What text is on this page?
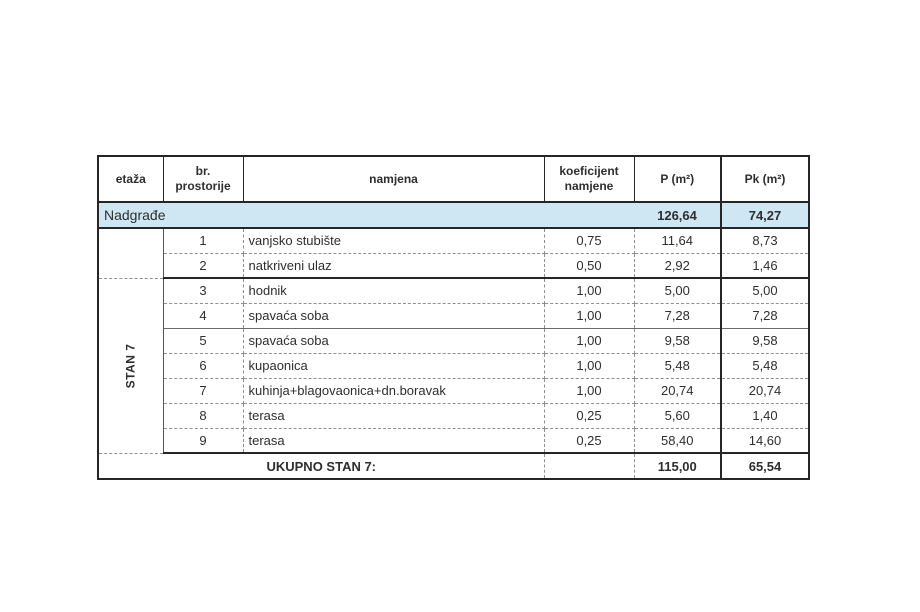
etaža	br. prostorije	namjena	koeficijent namjene	P (m²)	Pk (m²)
Nadgrađe				126,64	74,27
	1	vanjsko stubište	0,75	11,64	8,73
	2	natkriveni ulaz	0,50	2,92	1,46
STAN 7	3	hodnik	1,00	5,00	5,00
	4	spavaća soba	1,00	7,28	7,28
	5	spavaća soba	1,00	9,58	9,58
	6	kupaonica	1,00	5,48	5,48
	7	kuhinja+blagovaonica+dn.boravak	1,00	20,74	20,74
	8	terasa	0,25	5,60	1,40
	9	terasa	0,25	58,40	14,60
UKUPNO STAN 7:				115,00	65,54
